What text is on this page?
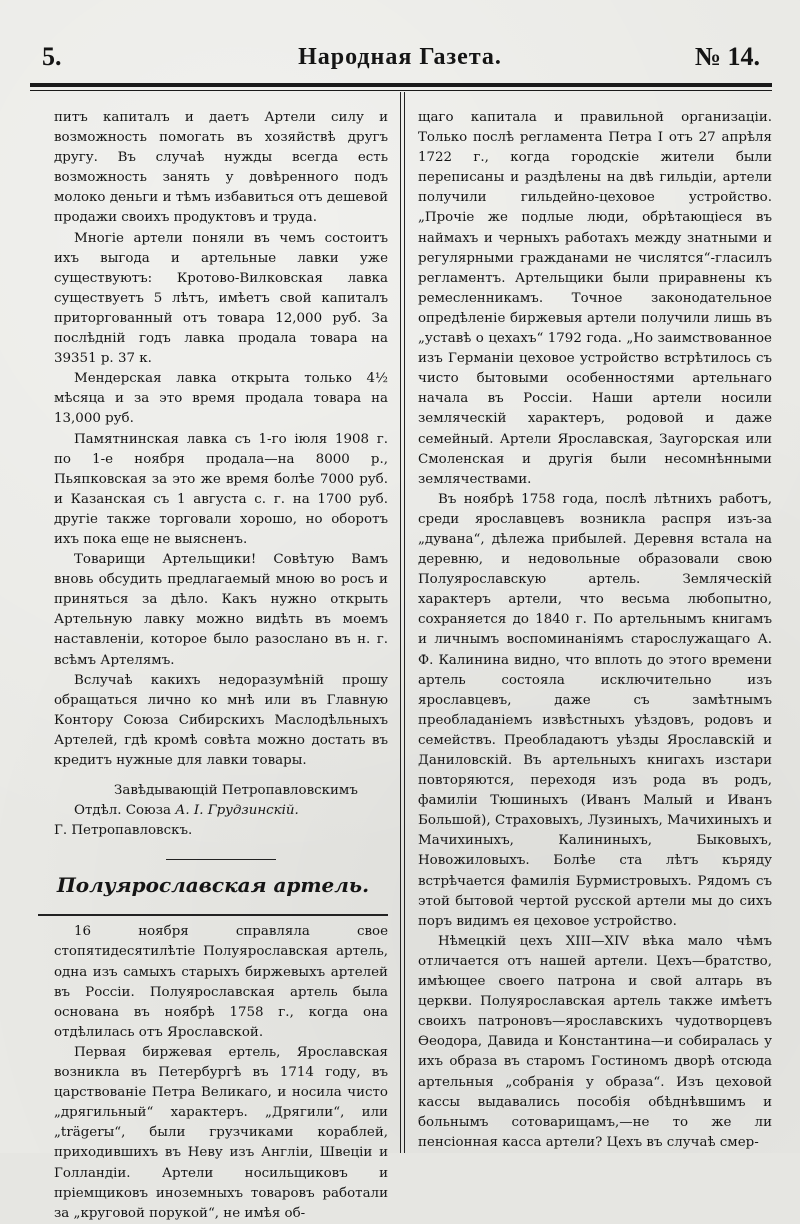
5.	Народная Газета.	№ 14.

питъ капиталъ и даетъ Артели силу и возможность помогать въ хозяйствѣ другъ другу. Въ случаѣ нужды всегда есть возможность занять у довѣренного подъ молоко деньги и тѣмъ избавиться отъ дешевой продажи своихъ продуктовъ и труда.

Многіе артели поняли въ чемъ состоитъ ихъ выгода и артельные лавки уже существуютъ: Кротово-Вилковская лавка существуетъ 5 лѣтъ, имѣетъ свой капиталъ приторгованный отъ товара 12,000 руб. За послѣдній годъ лавка продала товара на 39351 р. 37 к.

Мендерская лавка открыта только 4½ мѣсяца и за это время продала товара на 13,000 руб.

Памятнинская лавка съ 1-го іюля 1908 г. по 1-е ноября продала—на 8000 р., Пьяпковская за это же время болѣе 7000 руб. и Казанская съ 1 августа с. г. на 1700 руб. другіе также торговали хорошо, но оборотъ ихъ пока еще не выясненъ.

Товарищи Артельщики! Совѣтую Вамъ вновь обсудить предлагаемый мною во росъ и приняться за дѣло. Какъ нужно открыть Артельную лавку можно видѣть въ моемъ наставленіи, которое было разослано въ н. г. всѣмъ Артелямъ.

Вслучаѣ какихъ недоразумѣній прошу обращаться лично ко мнѣ или въ Главную Контору Союза Сибирскихъ Маслодѣльныхъ Артелей, гдѣ кромѣ совѣта можно достать въ кредитъ нужные для лавки товары.

Завѣдывающій Петропавловскимъ
Отдѣл. Союза А. І. Грудзинскій.
Г. Петропавловскъ.
Полуярославская артель.

16 ноября справляла свое стопятидесятилѣтіе Полуярославская артель, одна изъ самыхъ старыхъ биржевыхъ артелей въ Россіи. Полуярославская артель была основана въ ноябрѣ 1758 г., когда она отдѣлилась отъ Ярославской.

Первая биржевая ертель, Ярославская возникла въ Петербургѣ въ 1714 году, въ царствованіе Петра Великаго, и носила чисто „дрягильный“ характеръ. „Дрягили“, или „trägerы“, были грузчиками кораблей, приходившихъ въ Неву изъ Англіи, Швеціи и Голландіи. Артели носильщиковъ и пріемщиковъ иноземныхъ товаровъ работали за „круговой порукой“, не имѣя об-

щаго капитала и правильной организаціи. Только послѣ регламента Петра I отъ 27 апрѣля 1722 г., когда городскіе жители были переписаны и раздѣлены на двѣ гильдіи, артели получили гильдейно-цеховое устройство. „Прочіе же подлые люди, обрѣтающіеся въ наймахъ и черныхъ работахъ между знатными и регулярными гражданами не числятся“-гласилъ регламентъ. Артельщики были приравнены къ ремесленникамъ. Точное законодательное опредѣленіе биржевыя артели получили лишь въ „уставѣ о цехахъ“ 1792 года. „Но заимствованное изъ Германіи цеховое устройство встрѣтилось съ чисто бытовыми особенностями артельнаго начала въ Россіи. Наши артели носили земляческій характеръ, родовой и даже семейный. Артели Ярославская, Заугорская или Смоленская и другія были несомнѣнными землячествами.

Въ ноябрѣ 1758 года, послѣ лѣтнихъ работъ, среди ярославцевъ возникла распря изъ-за „дувана“, дѣлежа прибылей. Деревня встала на деревню, и недовольные образовали свою Полуярославскую артель. Земляческій характеръ артели, что весьма любопытно, сохраняется до 1840 г. По артельнымъ книгамъ и личнымъ воспоминаніямъ старослужащаго А. Ф. Калинина видно, что вплоть до этого времени артель состояла исключительно изъ ярославцевъ, даже съ замѣтнымъ преобладаніемъ извѣстныхъ уѣздовъ, родовъ и семействъ. Преобладаютъ уѣзды Ярославскій и Даниловскій. Въ артельныхъ книгахъ изстари повторяются, переходя изъ рода въ родъ, фамиліи Тюшиныхъ (Иванъ Малый и Иванъ Большой), Страховыхъ, Лузиныхъ, Мачихиныхъ и Мачихиныхъ, Калининыхъ, Быковыхъ, Новожиловыхъ. Болѣе ста лѣтъ къряду встрѣчается фамилія Бурмистровыхъ. Рядомъ съ этой бытовой чертой русской артели мы до сихъ поръ видимъ ея цеховое устройство.

Нѣмецкій цехъ XIII—XIV вѣка мало чѣмъ отличается отъ нашей артели. Цехъ—братство, имѣющее своего патрона и свой алтарь въ церкви. Полуярославская артель также имѣетъ своихъ патроновъ—ярославскихъ чудотворцевъ Ѳеодора, Давида и Константина—и собиралась у ихъ образа въ старомъ Гостиномъ дворѣ отсюда артельныя „собранія у образа“. Изъ цеховой кассы выдавались пособія обѣднѣвшимъ и больнымъ сотоварищамъ,—не то же ли пенсіонная касса артели? Цехъ въ случаѣ смер-
